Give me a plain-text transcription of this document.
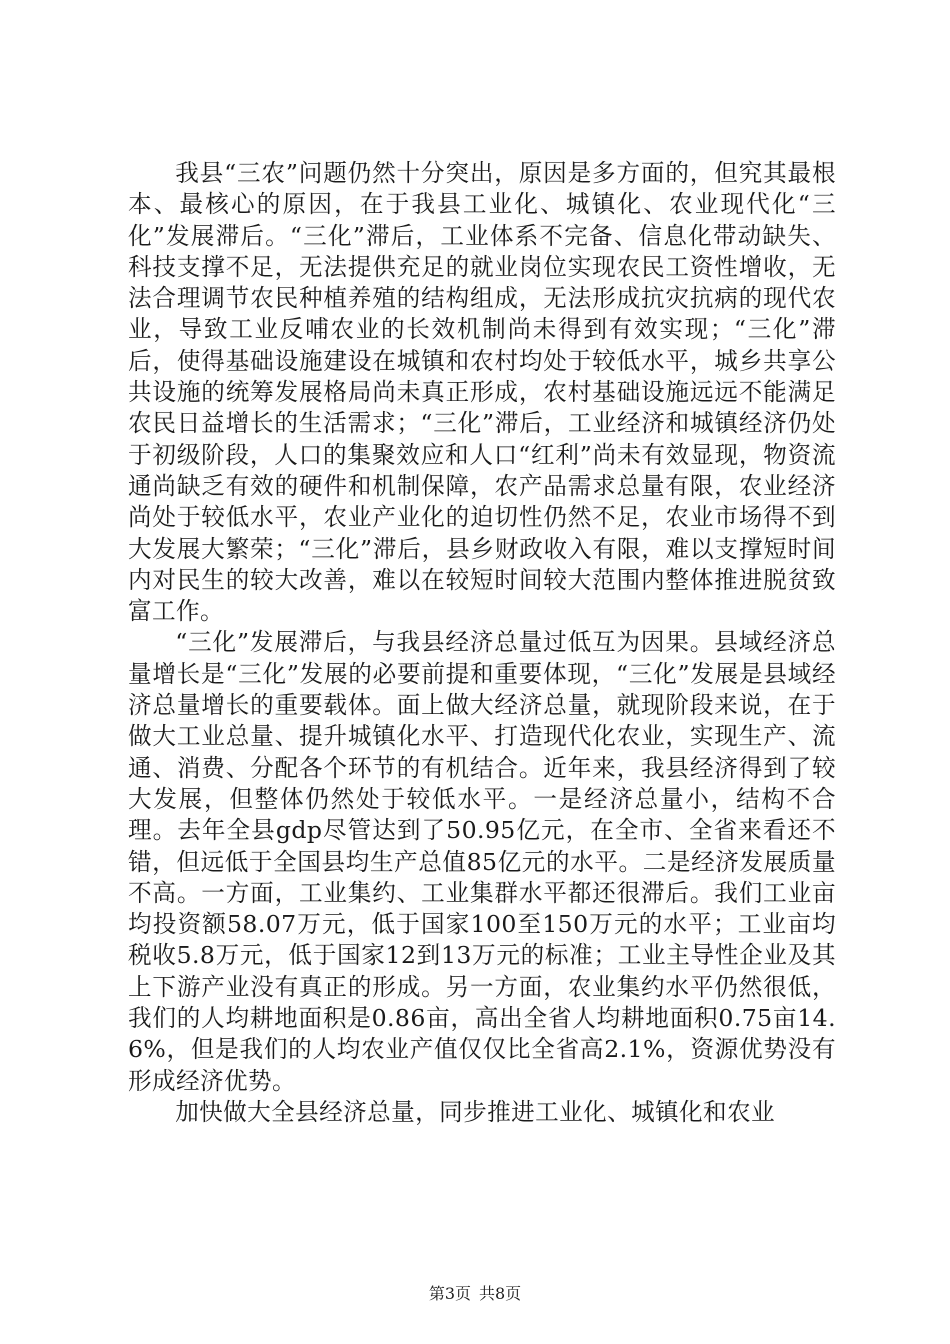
我县“三农”问题仍然十分突出，原因是多方面的，但究其最根本、最核心的原因，在于我县工业化、城镇化、农业现代化“三化”发展滞后。“三化”滞后，工业体系不完备、信息化带动缺失、科技支撑不足，无法提供充足的就业岗位实现农民工资性增收，无法合理调节农民种植养殖的结构组成，无法形成抗灾抗病的现代农业，导致工业反哺农业的长效机制尚未得到有效实现；“三化”滞后，使得基础设施建设在城镇和农村均处于较低水平，城乡共享公共设施的统筹发展格局尚未真正形成，农村基础设施远远不能满足农民日益增长的生活需求；“三化”滞后，工业经济和城镇经济仍处于初级阶段，人口的集聚效应和人口“红利”尚未有效显现，物资流通尚缺乏有效的硬件和机制保障，农产品需求总量有限，农业经济尚处于较低水平，农业产业化的迫切性仍然不足，农业市场得不到大发展大繁荣；“三化”滞后，县乡财政收入有限，难以支撑短时间内对民生的较大改善，难以在较短时间较大范围内整体推进脱贫致富工作。

“三化”发展滞后，与我县经济总量过低互为因果。县域经济总量增长是“三化”发展的必要前提和重要体现，“三化”发展是县域经济总量增长的重要载体。面上做大经济总量，就现阶段来说，在于做大工业总量、提升城镇化水平、打造现代化农业，实现生产、流通、消费、分配各个环节的有机结合。近年来，我县经济得到了较大发展，但整体仍然处于较低水平。一是经济总量小，结构不合理。去年全县gdp尽管达到了50.95亿元，在全市、全省来看还不错，但远低于全国县均生产总值85亿元的水平。二是经济发展质量不高。一方面，工业集约、工业集群水平都还很滞后。我们工业亩均投资额58.07万元，低于国家100至150万元的水平；工业亩均税收5.8万元，低于国家12到13万元的标准；工业主导性企业及其上下游产业没有真正的形成。另一方面，农业集约水平仍然很低，我们的人均耕地面积是0.86亩，高出全省人均耕地面积0.75亩14.6%，但是我们的人均农业产值仅仅比全省高2.1%，资源优势没有形成经济优势。

加快做大全县经济总量，同步推进工业化、城镇化和农业

第3页 共8页
